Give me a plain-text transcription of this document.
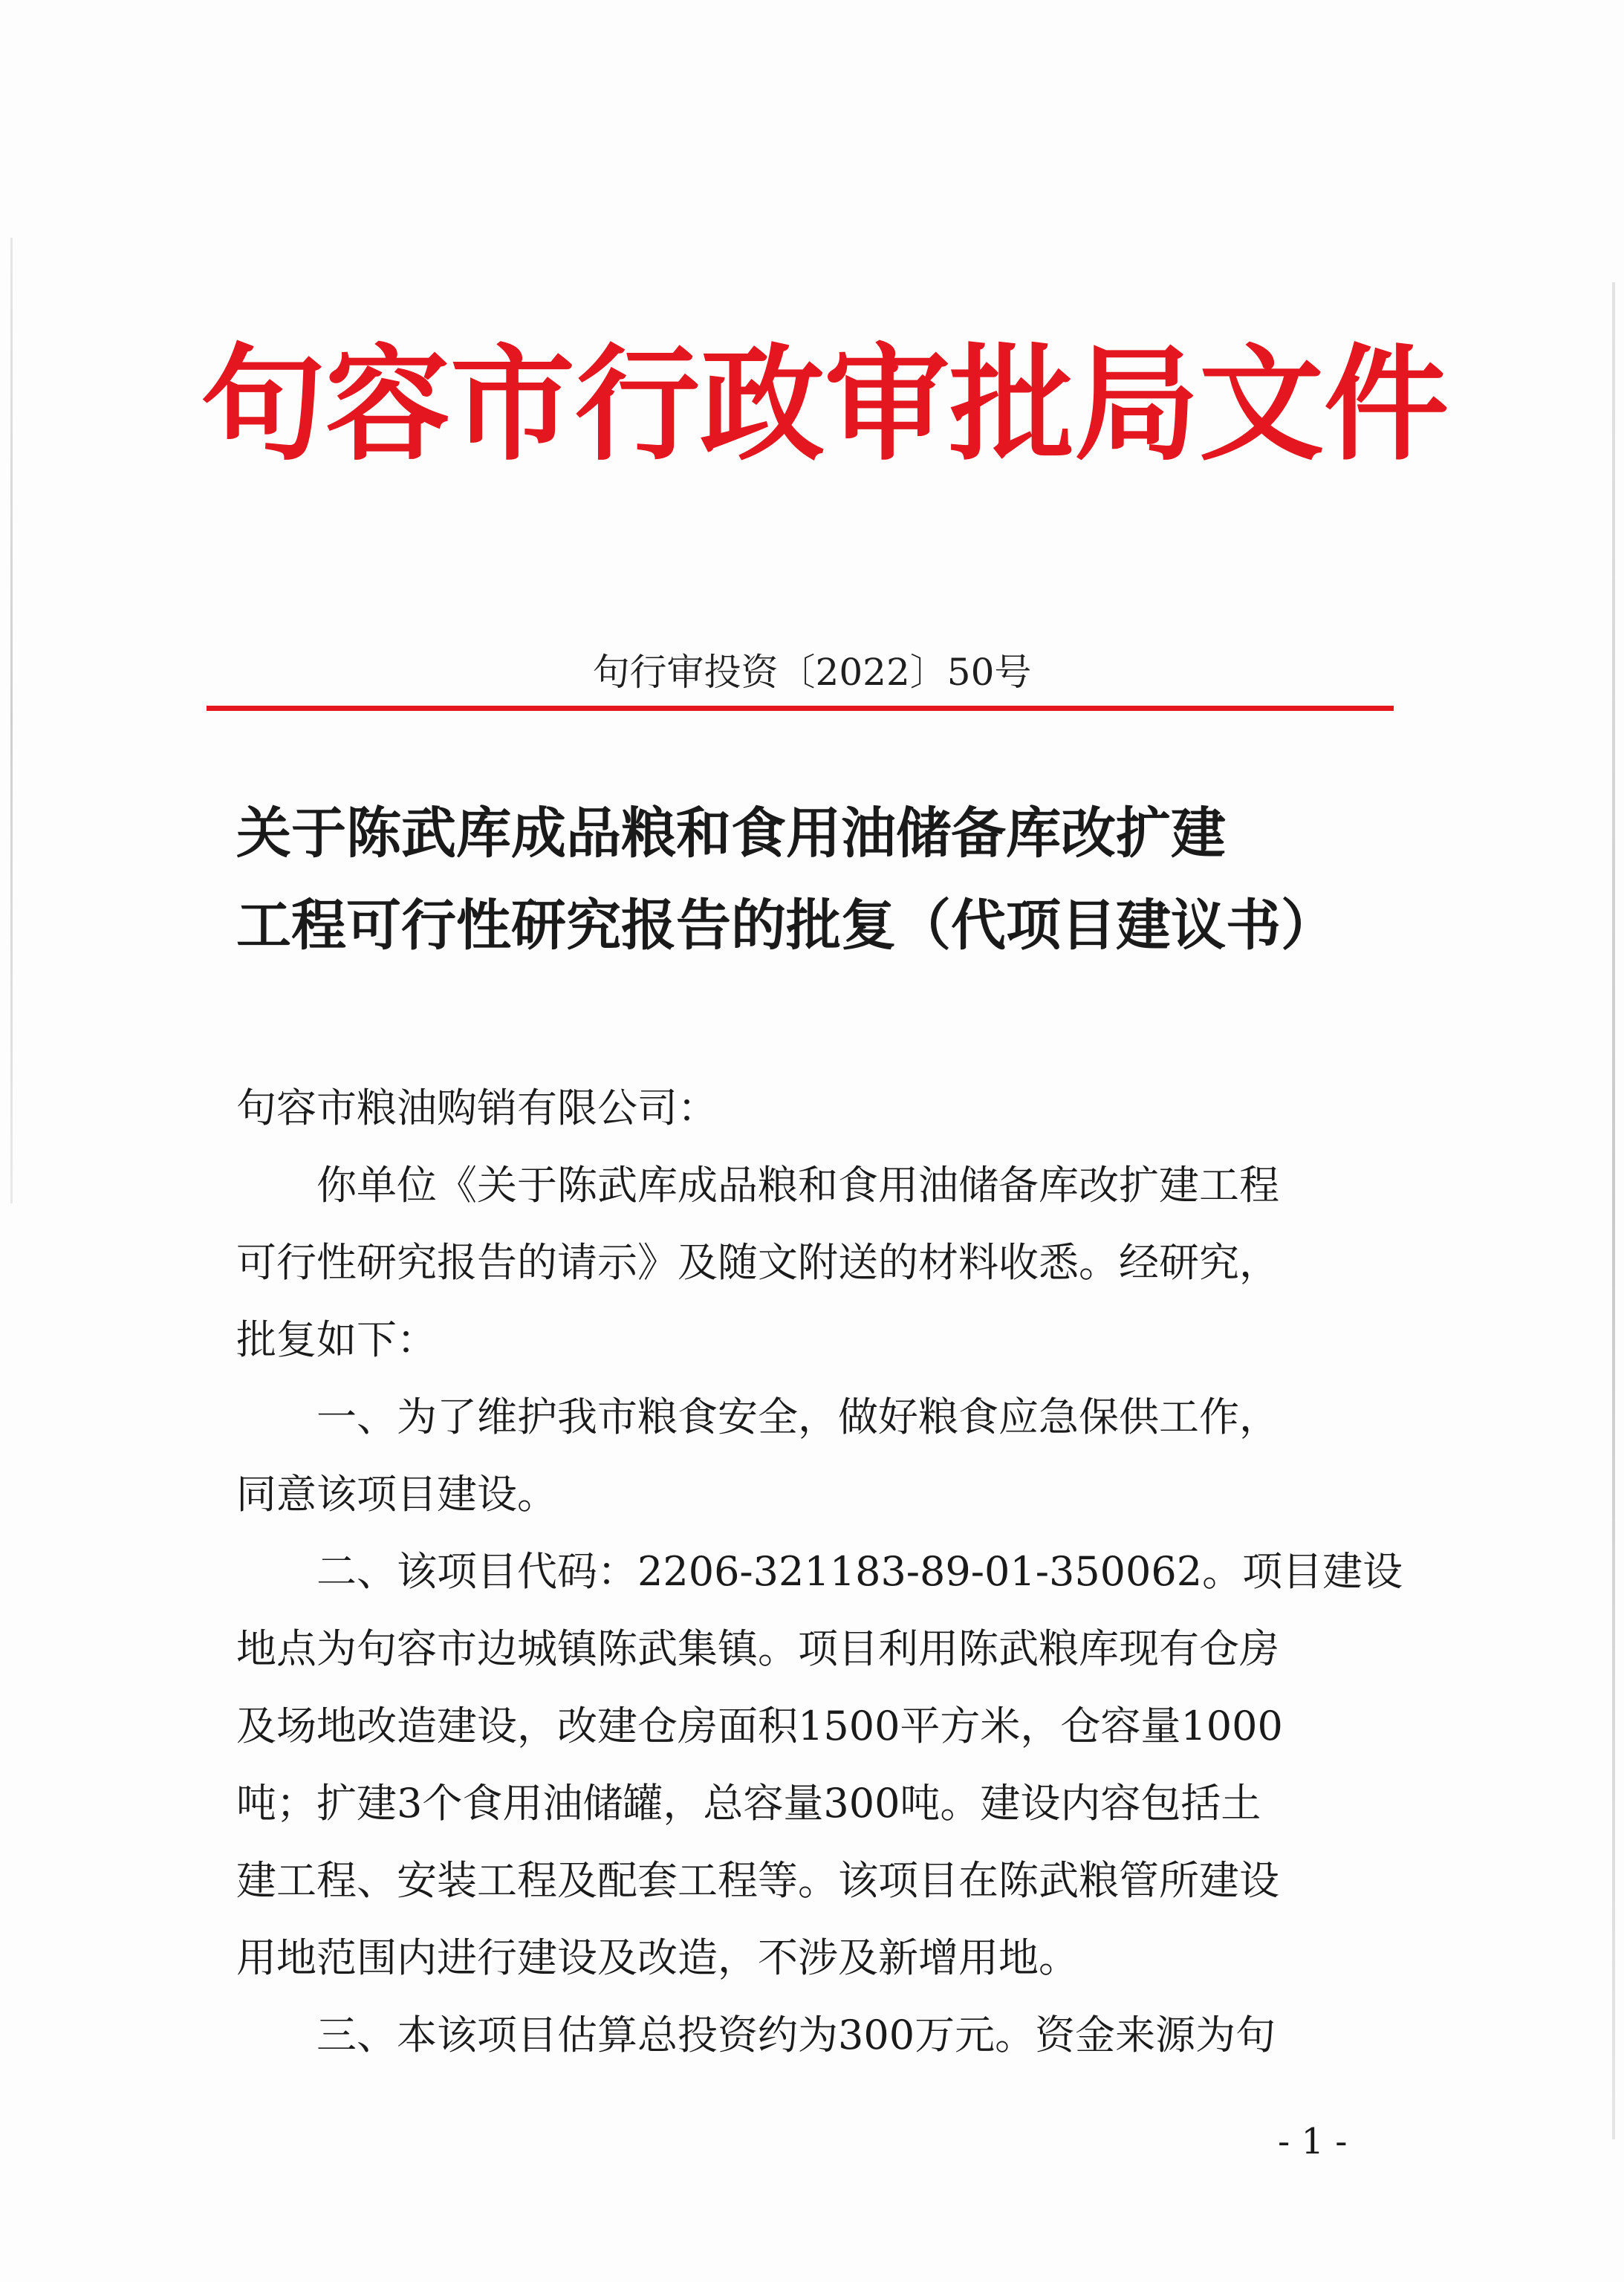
句容市行政审批局文件
句行审投资〔2022〕50号
关于陈武库成品粮和食用油储备库改扩建
工程可行性研究报告的批复（代项目建议书）
句容市粮油购销有限公司：
你单位《关于陈武库成品粮和食用油储备库改扩建工程
可行性研究报告的请示》及随文附送的材料收悉。经研究，
批复如下：
一、为了维护我市粮食安全，做好粮食应急保供工作，
同意该项目建设。
二、该项目代码：2206-321183-89-01-350062。项目建设
地点为句容市边城镇陈武集镇。项目利用陈武粮库现有仓房
及场地改造建设，改建仓房面积1500平方米，仓容量1000
吨；扩建3个食用油储罐，总容量300吨。建设内容包括土
建工程、安装工程及配套工程等。该项目在陈武粮管所建设
用地范围内进行建设及改造，不涉及新增用地。
三、本该项目估算总投资约为300万元。资金来源为句
- 1 -
